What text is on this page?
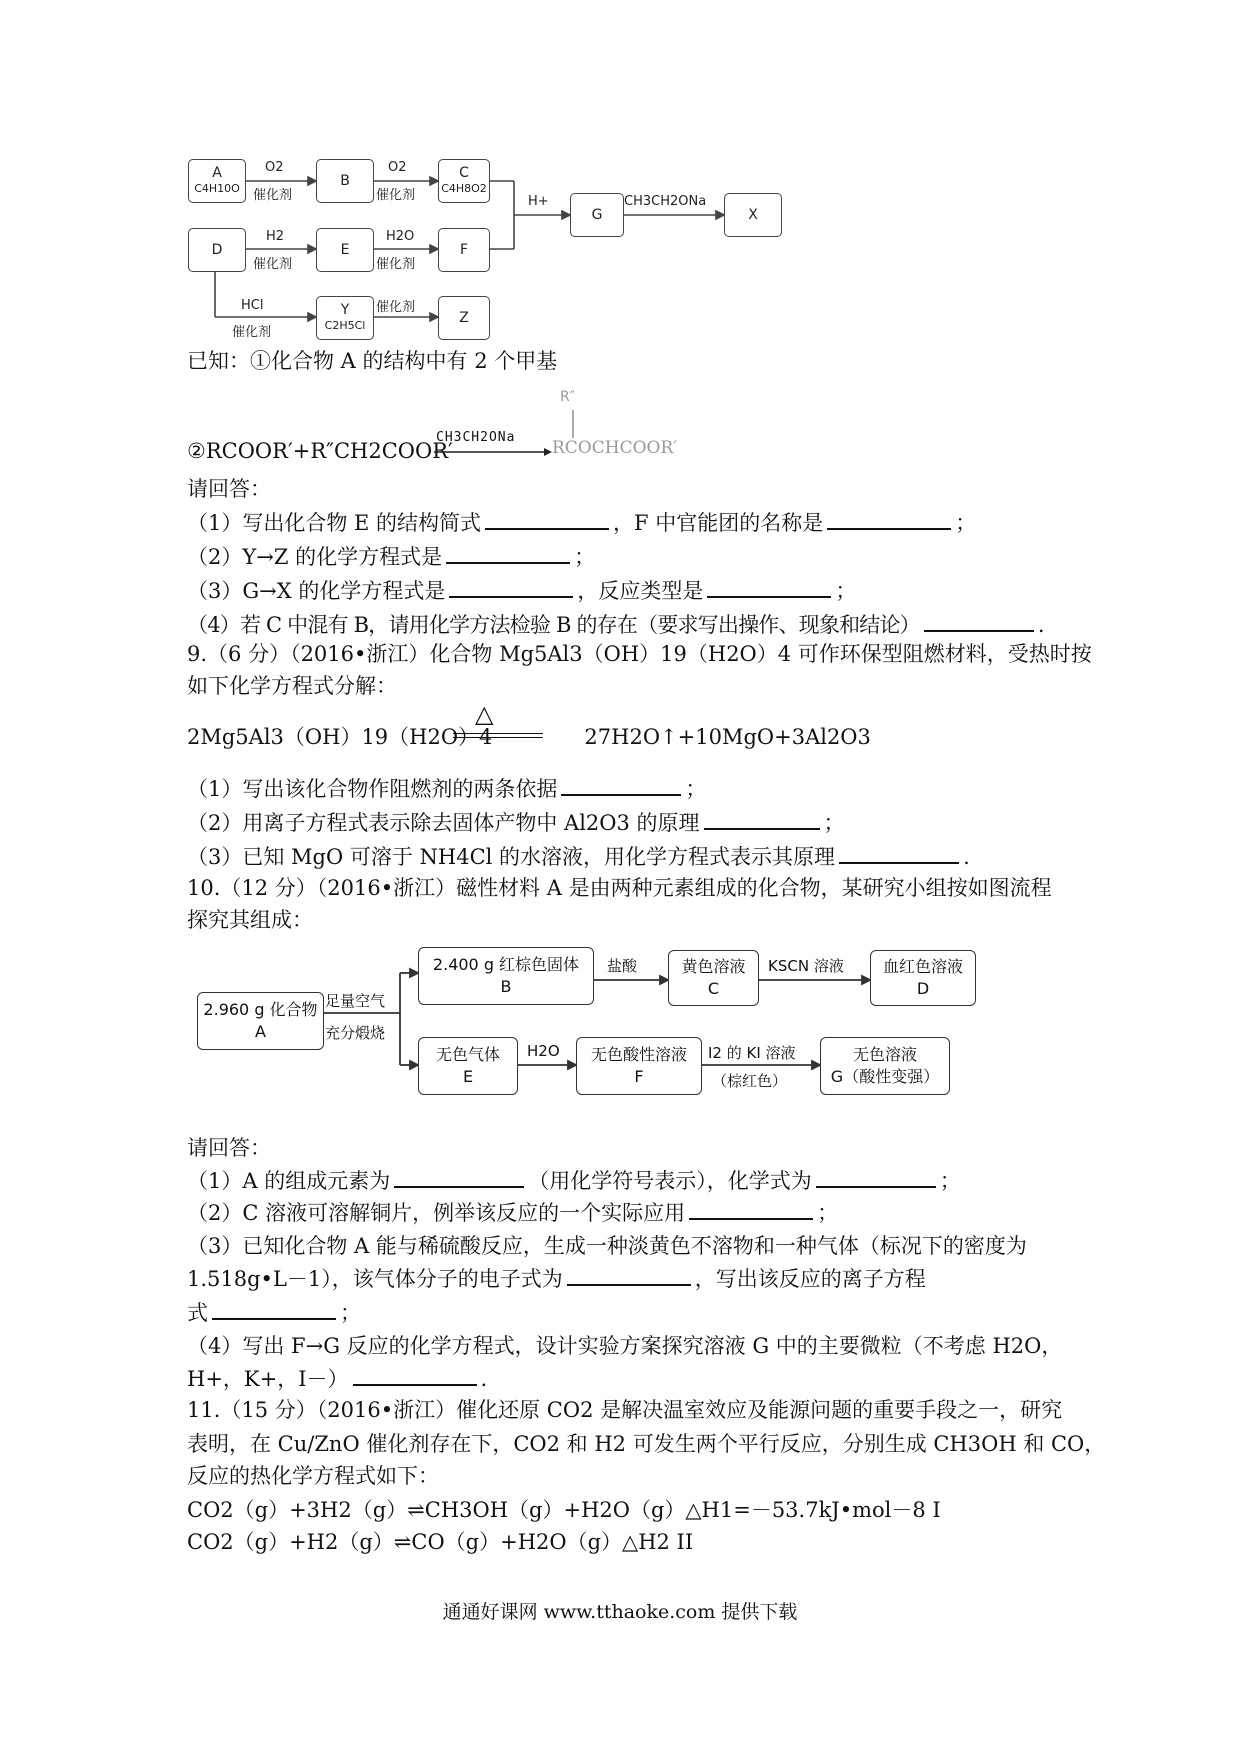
A
C4H10O
O2
催化剂
B
O2
催化剂
C
C4H8O2
H+
G
CH3CH2ONa
X
D
H2
催化剂
E
H2O
催化剂
F
HCl
催化剂
Y
C2H5Cl
催化剂
Z
已知：①化合物 A 的结构中有 2 个甲基
R″
②RCOOR′+R″CH2COOR′
CH3CH2ONa
RCOCHCOOR′
请回答：
（1）写出化合物 E 的结构简式	，F 中官能团的名称是	；
（2）Y→Z 的化学方程式是	；
（3）G→X 的化学方程式是	，反应类型是	；
（4）若 C 中混有 B，请用化学方法检验 B 的存在（要求写出操作、现象和结论）	.
9.（6 分）（2016•浙江）化合物 Mg5Al3（OH）19（H2O）4 可作环保型阻燃材料，受热时按
如下化学方程式分解：
2Mg5Al3（OH）19（H2O）4	27H2O↑+10MgO+3Al2O3
△
（1）写出该化合物作阻燃剂的两条依据	；
（2）用离子方程式表示除去固体产物中 Al2O3 的原理	；
（3）已知 MgO 可溶于 NH4Cl 的水溶液，用化学方程式表示其原理	.
10.（12 分）（2016•浙江）磁性材料 A 是由两种元素组成的化合物，某研究小组按如图流程
探究其组成：
2.960 g 化合物
A
足量空气
充分煅烧
2.400 g 红棕色固体
B
盐酸	黄色溶液
C
KSCN 溶液 血红色溶液
D
无色气体
E
H2O 无色酸性溶液
F
I2 的 KI 溶液
（棕红色）
无色溶液
G（酸性变强）
请回答：
（1）A 的组成元素为	（用化学符号表示），化学式为	；
（2）C 溶液可溶解铜片，例举该反应的一个实际应用	；
（3）已知化合物 A 能与稀硫酸反应，生成一种淡黄色不溶物和一种气体（标况下的密度为
1.518g•L－1），该气体分子的电子式为	，写出该反应的离子方程
式	；
（4）写出 F→G 反应的化学方程式，设计实验方案探究溶液 G 中的主要微粒（不考虑 H2O，
H+，K+，I－）	.
11.（15 分）（2016•浙江）催化还原 CO2 是解决温室效应及能源问题的重要手段之一，研究
表明，在 Cu/ZnO 催化剂存在下，CO2 和 H2 可发生两个平行反应，分别生成 CH3OH 和 CO，
反应的热化学方程式如下：
CO2（g）+3H2（g）⇌CH3OH（g）+H2O（g）△H1=－53.7kJ•mol－8 I
CO2（g）+H2（g）⇌CO（g）+H2O（g）△H2 II
通通好课网 www.tthaoke.com 提供下载
